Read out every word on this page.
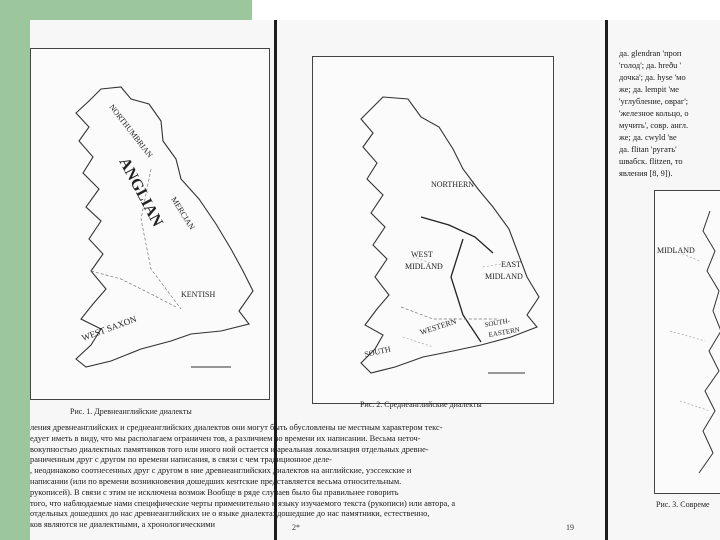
NORTHUMBRIAN
ANGLIAN MERCIAN
KENTISH
WEST SAXON
Рис. 1. Древнеанглийские диалекты
NORTHERN
WEST
MIDLAND	EAST
MIDLAND
SOUTH
WESTERN	SOUTH-
EASTERN
Рис. 2. Среднеанглийские диалекты
ления древнеанглийских и среднеанглийских диалектов они могут быть обусловлены не местным характером текс-
едует иметь в виду, что мы располагаем ограничен тов, а различием во времени их написании. Весьма неточ-
вокупностью диалектных памятников того или иного ной остается и ареальная локализация отдельных древне-
раниченным друг с другом по времени написания, в связи с чем традиционное деле-
, неодинаково соотнесенных друг с другом в ние древнеанглийских диалектов на английские, уэссекские и
написании (или по времени возникновения дошедших кентские представляется весьма относительным.
рукописей). В связи с этим не исключена возмож Вообще в ряде случаев было бы правильнее говорить
того, что наблюдаемые нами специфические черты применительно к языку изучаемого текста (рукописи) или автора, а
отдельных дошедших до нас древнеанглийских не о языке диалекта: дошедшие до нас памятники, естественно,
ков являются не диалектными, а хронологическими	2*	19
да. glendran 'проп
'голод'; да. hreðu '
дочка'; да. hyse 'мо
же; да. lempit 'ме
'углубление, овраг';
'железное кольцо, о
мучить', совр. англ.
же; да. cwyld 'ве
да. flitan 'ругать'
швабск. flitzen, то
явления [8, 9]).
MIDLAND
Рис. 3. Совреме
